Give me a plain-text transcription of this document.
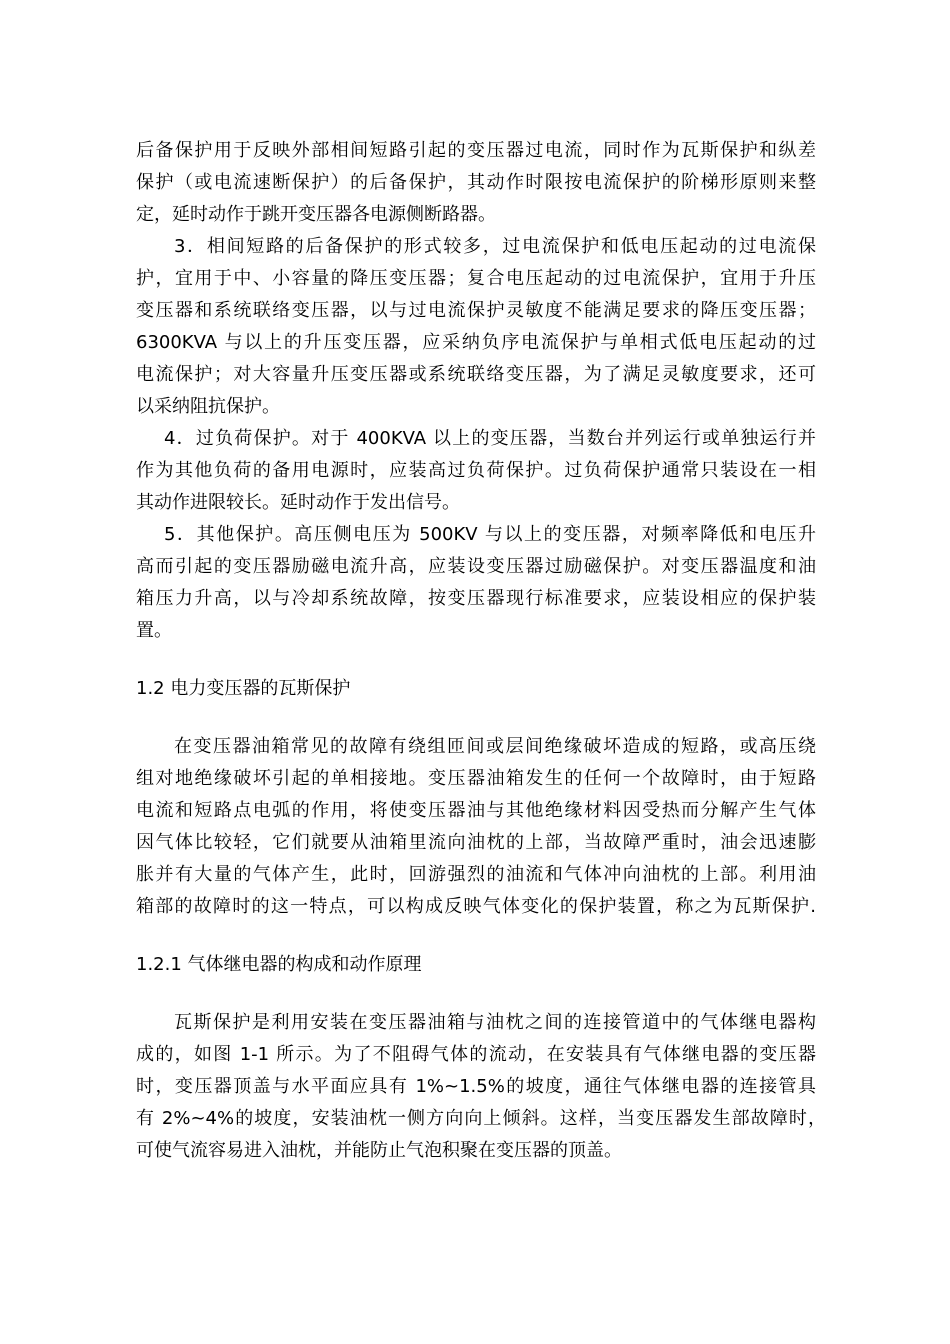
后备保护用于反映外部相间短路引起的变压器过电流，同时作为瓦斯保护和纵差
保护（或电流速断保护）的后备保护，其动作时限按电流保护的阶梯形原则来整
定，延时动作于跳开变压器各电源侧断路器。
3．相间短路的后备保护的形式较多，过电流保护和低电压起动的过电流保
护，宜用于中、小容量的降压变压器；复合电压起动的过电流保护，宜用于升压
变压器和系统联络变压器，以与过电流保护灵敏度不能满足要求的降压变压器；
6300KVA 与以上的升压变压器，应采纳负序电流保护与单相式低电压起动的过
电流保护；对大容量升压变压器或系统联络变压器，为了满足灵敏度要求，还可
以采纳阻抗保护。
4．过负荷保护。对于 400KVA 以上的变压器，当数台并列运行或单独运行并
作为其他负荷的备用电源时，应装高过负荷保护。过负荷保护通常只装设在一相
其动作进限较长。延时动作于发出信号。
5．其他保护。高压侧电压为 500KV 与以上的变压器，对频率降低和电压升
高而引起的变压器励磁电流升高，应装设变压器过励磁保护。对变压器温度和油
箱压力升高，以与冷却系统故障，按变压器现行标准要求，应装设相应的保护装
置。
1.2 电力变压器的瓦斯保护
在变压器油箱常见的故障有绕组匝间或层间绝缘破坏造成的短路，或高压绕
组对地绝缘破坏引起的单相接地。变压器油箱发生的任何一个故障时，由于短路
电流和短路点电弧的作用，将使变压器油与其他绝缘材料因受热而分解产生气体
因气体比较轻，它们就要从油箱里流向油枕的上部，当故障严重时，油会迅速膨
胀并有大量的气体产生，此时，回游强烈的油流和气体冲向油枕的上部。利用油
箱部的故障时的这一特点，可以构成反映气体变化的保护装置，称之为瓦斯保护.
1.2.1 气体继电器的构成和动作原理
瓦斯保护是利用安装在变压器油箱与油枕之间的连接管道中的气体继电器构
成的，如图 1-1 所示。为了不阻碍气体的流动，在安装具有气体继电器的变压器
时，变压器顶盖与水平面应具有 1%~1.5%的坡度，通往气体继电器的连接管具
有 2%~4%的坡度，安装油枕一侧方向向上倾斜。这样，当变压器发生部故障时，
可使气流容易进入油枕，并能防止气泡积聚在变压器的顶盖。
